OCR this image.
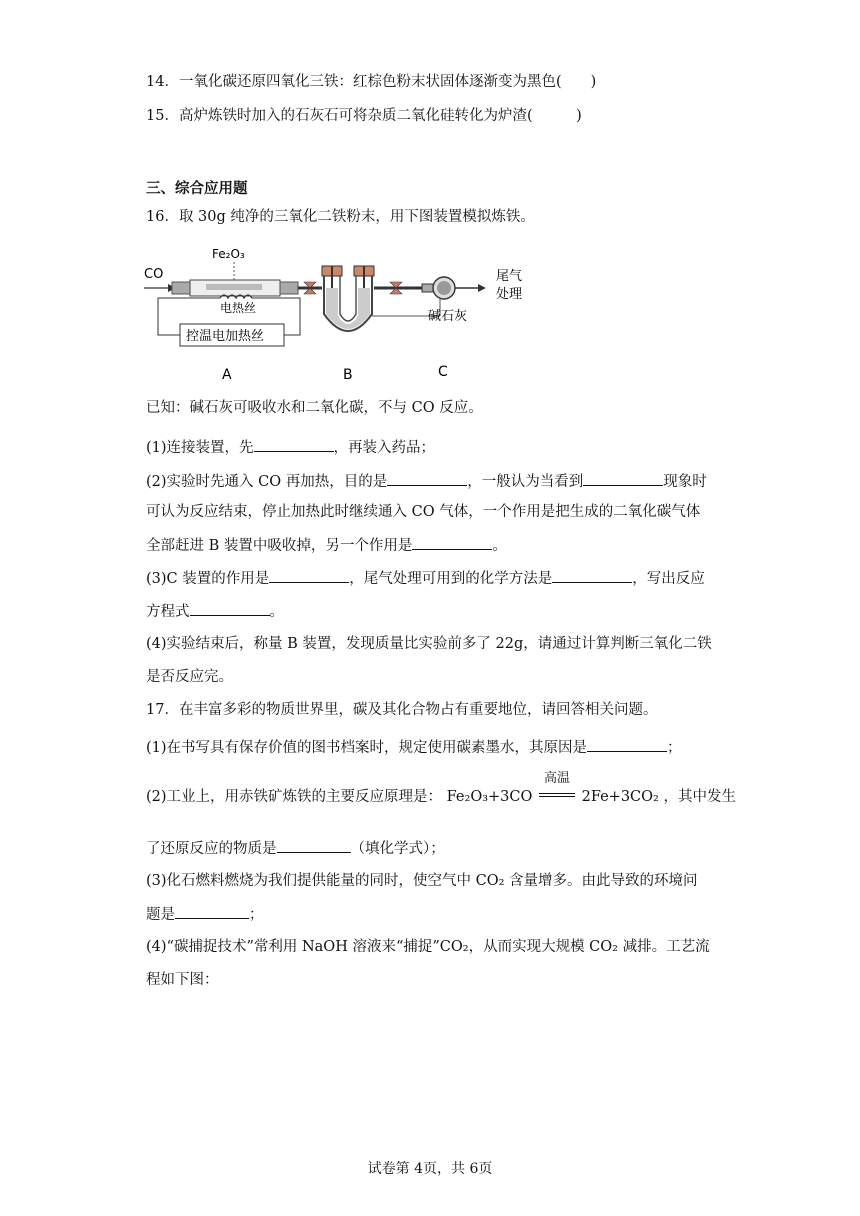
14．一氧化碳还原四氧化三铁：红棕色粉末状固体逐渐变为黑色(　　)
15．高炉炼铁时加入的石灰石可将杂质二氧化硅转化为炉渣(　　　)
三、综合应用题
16．取 30g 纯净的三氧化二铁粉末，用下图装置模拟炼铁。
CO
Fe₂O₃
电热丝
控温电加热丝
尾气
处理
碱石灰
A	B	C
已知：碱石灰可吸收水和二氧化碳，不与 CO 反应。
(1)连接装置，先	，再装入药品；
(2)实验时先通入 CO 再加热，目的是	，一般认为当看到	现象时
可认为反应结束，停止加热此时继续通入 CO 气体，一个作用是把生成的二氧化碳气体
全部赶进 B 装置中吸收掉，另一个作用是	。
(3)C 装置的作用是	，尾气处理可用到的化学方法是	，写出反应
方程式	。
(4)实验结束后，称量 B 装置，发现质量比实验前多了 22g，请通过计算判断三氧化二铁
是否反应完。
17．在丰富多彩的物质世界里，碳及其化合物占有重要地位，请回答相关问题。
(1)在书写具有保存价值的图书档案时，规定使用碳素墨水，其原因是	；
(2)工业上，用赤铁矿炼铁的主要反应原理是： Fe₂O₃+3CO
高温
2Fe+3CO₂ ，其中发生
了还原反应的物质是	（填化学式）；
(3)化石燃料燃烧为我们提供能量的同时，使空气中 CO₂ 含量增多。由此导致的环境问
题是	；
(4)“碳捕捉技术”常利用 NaOH 溶液来“捕捉”CO₂，从而实现大规模 CO₂ 减排。工艺流
程如下图：
试卷第 4页，共 6页
